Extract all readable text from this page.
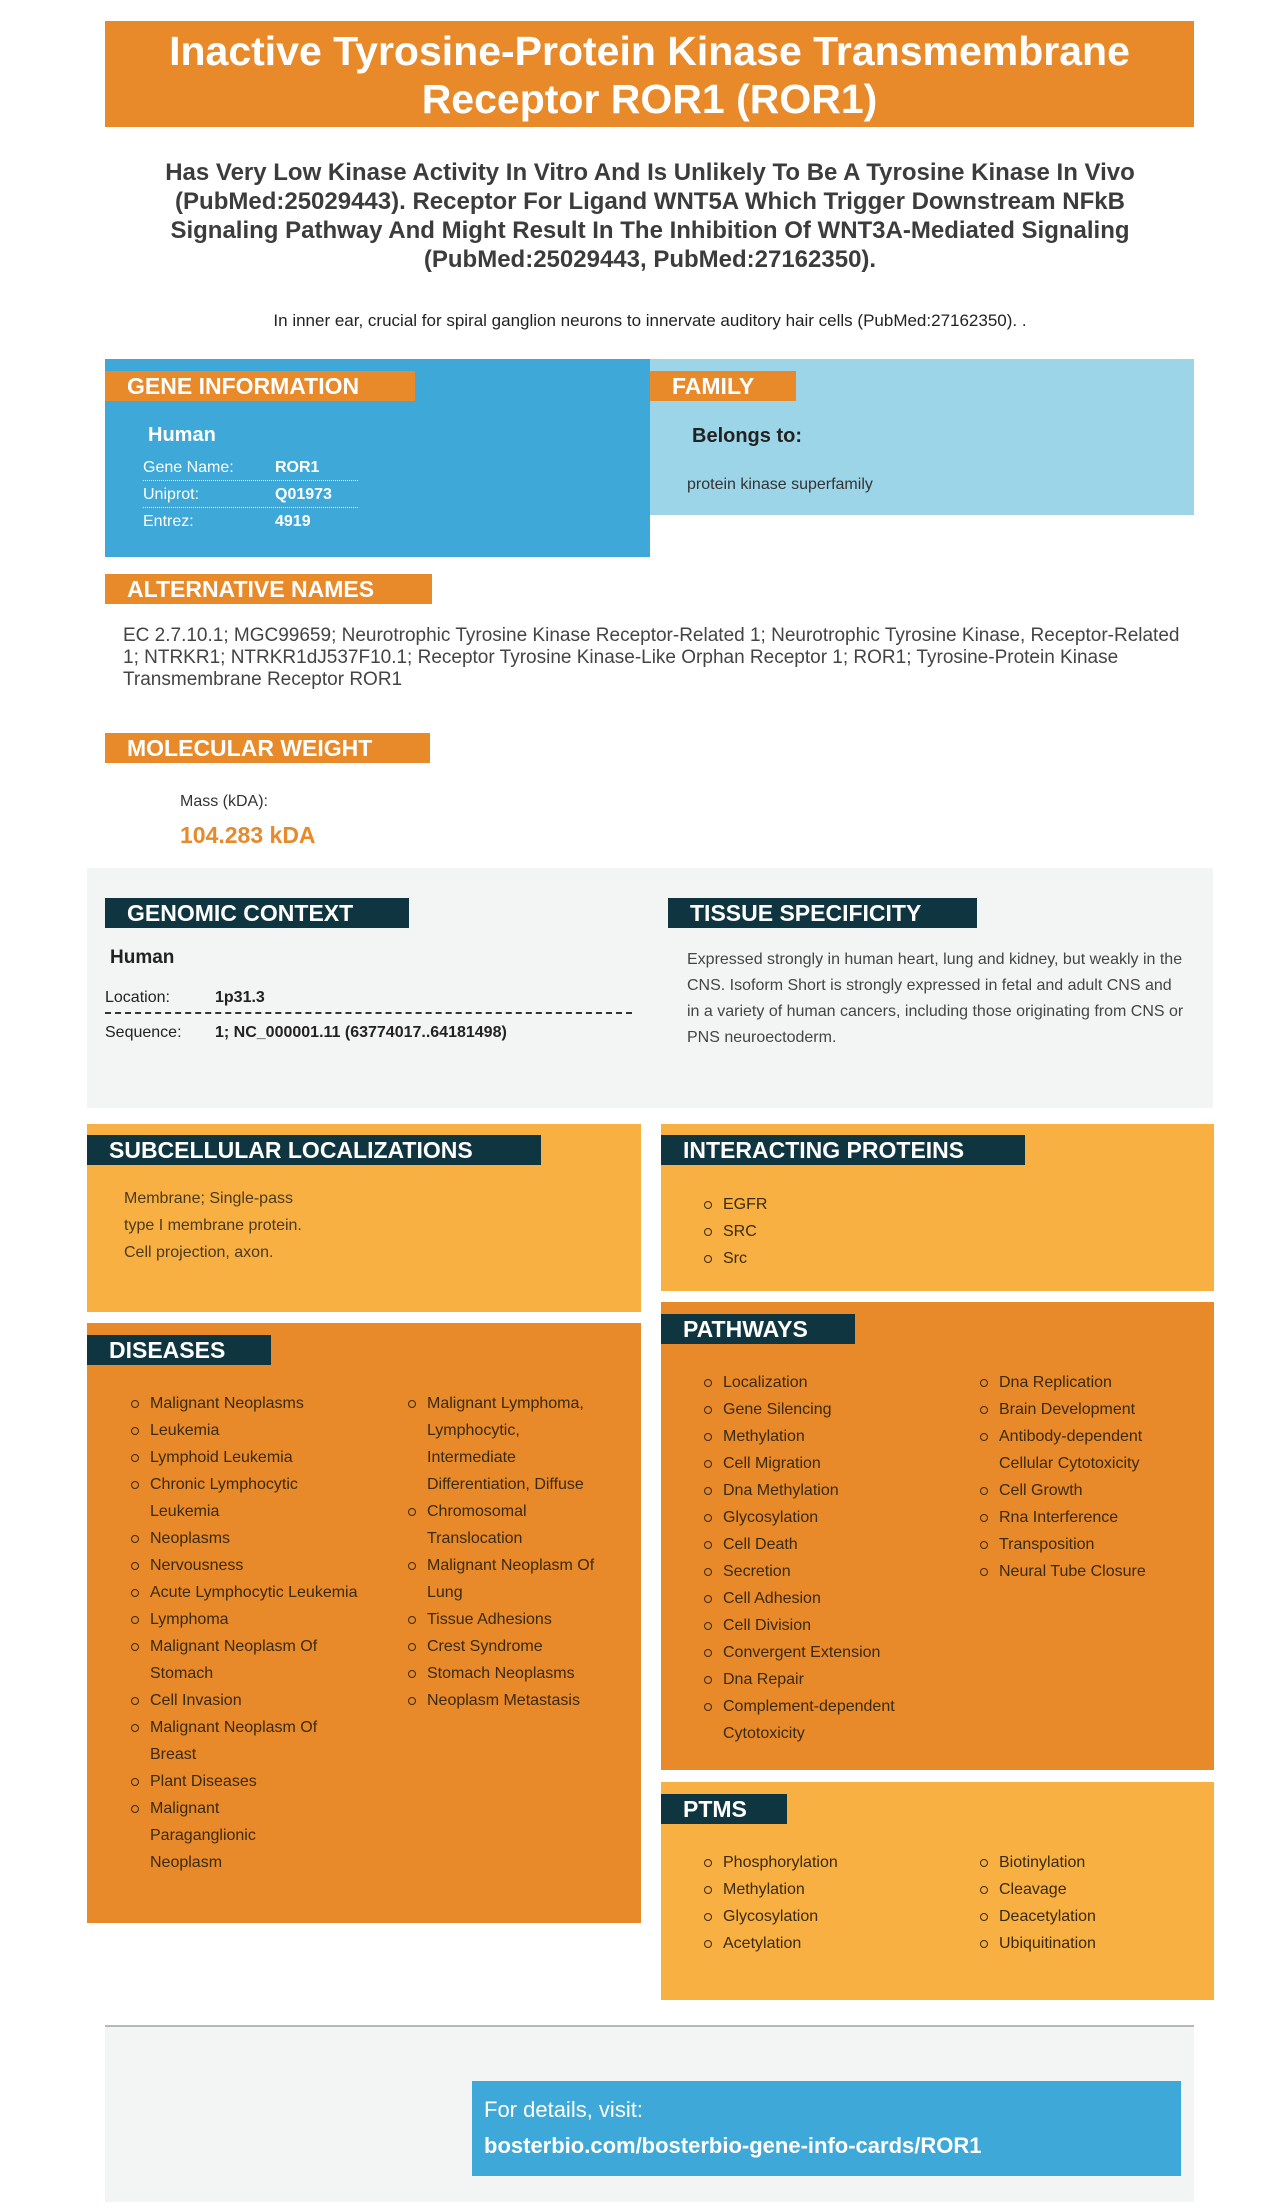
Inactive Tyrosine-Protein Kinase Transmembrane Receptor ROR1 (ROR1)
Has Very Low Kinase Activity In Vitro And Is Unlikely To Be A Tyrosine Kinase In Vivo (PubMed:25029443). Receptor For Ligand WNT5A Which Trigger Downstream NFkB Signaling Pathway And Might Result In The Inhibition Of WNT3A-Mediated Signaling (PubMed:25029443, PubMed:27162350).
In inner ear, crucial for spiral ganglion neurons to innervate auditory hair cells (PubMed:27162350). .
GENE INFORMATION
Human
Gene Name:	ROR1
Uniprot:	Q01973
Entrez:	4919
FAMILY
Belongs to:
protein kinase superfamily
ALTERNATIVE NAMES
EC 2.7.10.1; MGC99659; Neurotrophic Tyrosine Kinase Receptor-Related 1; Neurotrophic Tyrosine Kinase, Receptor-Related 1; NTRKR1; NTRKR1dJ537F10.1; Receptor Tyrosine Kinase-Like Orphan Receptor 1; ROR1; Tyrosine-Protein Kinase Transmembrane Receptor ROR1
MOLECULAR WEIGHT
Mass (kDA):
104.283 kDA
GENOMIC CONTEXT
Human
Location:	1p31.3
Sequence: 1; NC_000001.11 (63774017..64181498)
TISSUE SPECIFICITY
Expressed strongly in human heart, lung and kidney, but weakly in the CNS. Isoform Short is strongly expressed in fetal and adult CNS and in a variety of human cancers, including those originating from CNS or PNS neuroectoderm.
SUBCELLULAR LOCALIZATIONS
Membrane; Single-pass
type I membrane protein.
Cell projection, axon.
INTERACTING PROTEINS
EGFR
SRC
Src
DISEASES
Malignant Neoplasms
Leukemia
Lymphoid Leukemia
Chronic Lymphocytic Leukemia
Neoplasms
Nervousness
Acute Lymphocytic Leukemia
Lymphoma
Malignant Neoplasm Of Stomach
Cell Invasion
Malignant Neoplasm Of Breast
Plant Diseases
Malignant Paraganglionic Neoplasm
Malignant Lymphoma, Lymphocytic, Intermediate Differentiation, Diffuse
Chromosomal Translocation
Malignant Neoplasm Of Lung
Tissue Adhesions
Crest Syndrome
Stomach Neoplasms
Neoplasm Metastasis
PATHWAYS
Localization
Gene Silencing
Methylation
Cell Migration
Dna Methylation
Glycosylation
Cell Death
Secretion
Cell Adhesion
Cell Division
Convergent Extension
Dna Repair
Complement-dependent Cytotoxicity
Dna Replication
Brain Development
Antibody-dependent Cellular Cytotoxicity
Cell Growth
Rna Interference
Transposition
Neural Tube Closure
PTMS
Phosphorylation
Methylation
Glycosylation
Acetylation
Biotinylation
Cleavage
Deacetylation
Ubiquitination
For details, visit:
bosterbio.com/bosterbio-gene-info-cards/ROR1
